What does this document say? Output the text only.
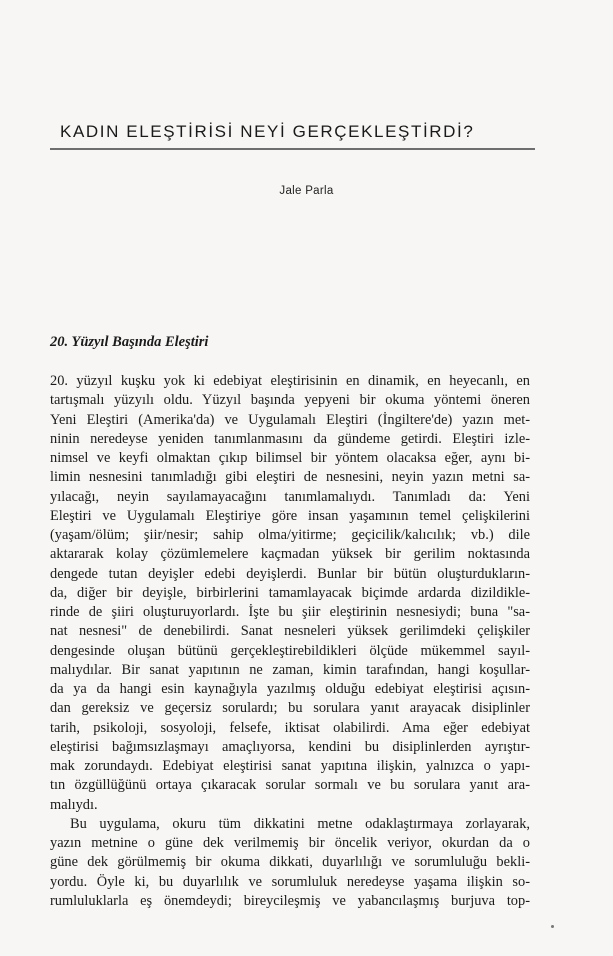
KADIN ELEŞTİRİSİ NEYİ GERÇEKLEŞTİRDİ?
Jale Parla
20. Yüzyıl Başında Eleştiri

20. yüzyıl kuşku yok ki edebiyat eleştirisinin en dinamik, en heyecanlı, en
tartışmalı yüzyılı oldu. Yüzyıl başında yepyeni bir okuma yöntemi öneren
Yeni Eleştiri (Amerika'da) ve Uygulamalı Eleştiri (İngiltere'de) yazın met-
ninin neredeyse yeniden tanımlanmasını da gündeme getirdi. Eleştiri izle-
nimsel ve keyfi olmaktan çıkıp bilimsel bir yöntem olacaksa eğer, aynı bi-
limin nesnesini tanımladığı gibi eleştiri de nesnesini, neyin yazın metni sa-
yılacağı, neyin sayılamayacağını tanımlamalıydı. Tanımladı da: Yeni
Eleştiri ve Uygulamalı Eleştiriye göre insan yaşamının temel çelişkilerini
(yaşam/ölüm; şiir/nesir; sahip olma/yitirme; geçicilik/kalıcılık; vb.) dile
aktararak kolay çözümlemelere kaçmadan yüksek bir gerilim noktasında
dengede tutan deyişler edebi deyişlerdi. Bunlar bir bütün oluşturdukların-
da, diğer bir deyişle, birbirlerini tamamlayacak biçimde ardarda dizildikle-
rinde de şiiri oluşturuyorlardı. İşte bu şiir eleştirinin nesnesiydi; buna "sa-
nat nesnesi" de denebilirdi. Sanat nesneleri yüksek gerilimdeki çelişkiler
dengesinde oluşan bütünü gerçekleştirebildikleri ölçüde mükemmel sayıl-
malıydılar. Bir sanat yapıtının ne zaman, kimin tarafından, hangi koşullar-
da ya da hangi esin kaynağıyla yazılmış olduğu edebiyat eleştirisi açısın-
dan gereksiz ve geçersiz sorulardı; bu sorulara yanıt arayacak disiplinler
tarih, psikoloji, sosyoloji, felsefe, iktisat olabilirdi. Ama eğer edebiyat
eleştirisi bağımsızlaşmayı amaçlıyorsa, kendini bu disiplinlerden ayrıştır-
mak zorundaydı. Edebiyat eleştirisi sanat yapıtına ilişkin, yalnızca o yapı-
tın özgüllüğünü ortaya çıkaracak sorular sormalı ve bu sorulara yanıt ara-
malıydı.

Bu uygulama, okuru tüm dikkatini metne odaklaştırmaya zorlayarak,
yazın metnine o güne dek verilmemiş bir öncelik veriyor, okurdan da o
güne dek görülmemiş bir okuma dikkati, duyarlılığı ve sorumluluğu bekli-
yordu. Öyle ki, bu duyarlılık ve sorumluluk neredeyse yaşama ilişkin so-
rumluluklarla eş önemdeydi; bireycileşmiş ve yabancılaşmış burjuva top-
